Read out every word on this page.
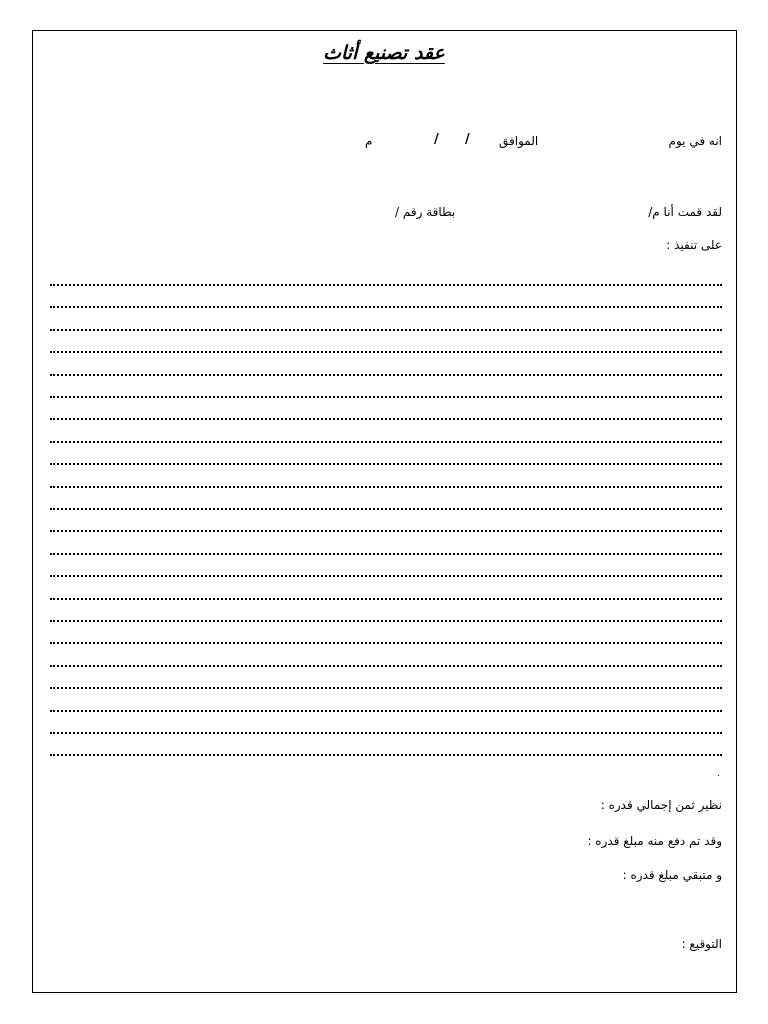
عقد تصنيع أثاث
انه في يوم
الموافق
/
/
م
لقد قمت أنا م/
بطاقة رقم /
على تنفيذ :
نظير ثمن إجمالي قدره :
وقد تم دفع منه مبلغ قدره :
و متبقي مبلغ قدره :
التوقيع :
